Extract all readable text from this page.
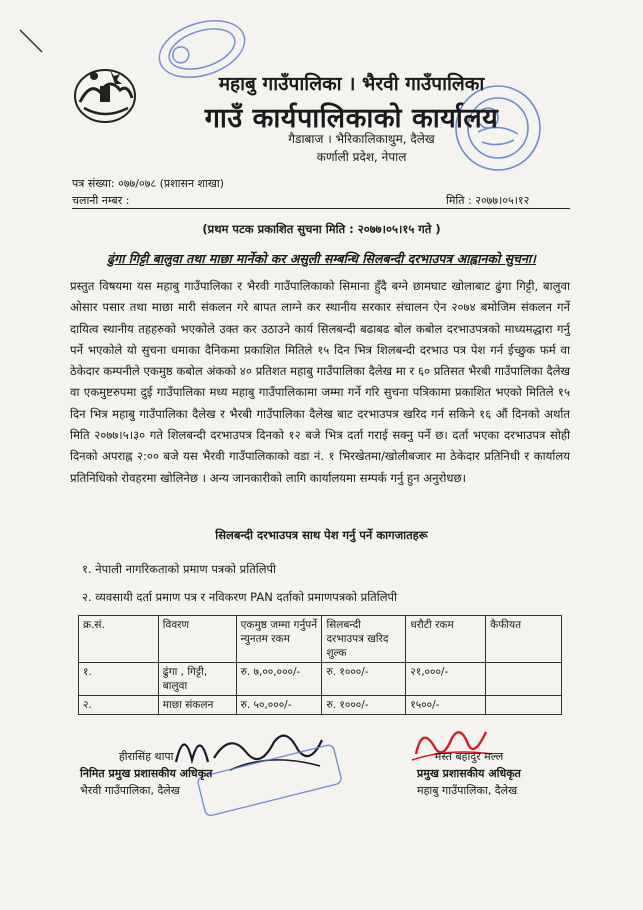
महाबु गाउँपालिका । भैरवी गाउँपालिका
गाउँ कार्यपालिकाको कार्यालय
गैडाबाज । भैरिकालिकाथुम, दैलेख
कर्णाली प्रदेश, नेपाल
पत्र संख्या: ०७७/०७८ (प्रशासन शाखा)
चलानी नम्बर :	मिति : २०७७।०५।१२
(प्रथम पटक प्रकाशित सुचना मिति : २०७७।०५।१५ गते )
ढुंगा गिट्टी बालुवा तथा माछा मार्नेको कर असुली सम्बन्धि सिलबन्दी दरभाउपत्र आह्वानको सुचना।
प्रस्तुत विषयमा यस महाबु गाउँपालिका र भैरवी गाउँपालिकाको सिमाना हुँदै बग्ने छामघाट खोलाबाट ढुंगा गिट्टी, बालुवा ओसार पसार तथा माछा मारी संकलन गरे बापत लाग्ने कर स्थानीय सरकार संचालन ऐन २०७४ बमोजिम संकलन गर्ने दायित्व स्थानीय तहहरुको भएकोले उक्त कर उठाउने कार्य सिलबन्दी बढाबढ बोल कबोल दरभाउपत्रको माध्यमद्धारा गर्नु पर्ने भएकोले यो सुचना धमाका दैनिकमा प्रकाशित मितिले १५ दिन भित्र शिलबन्दी दरभाउ पत्र पेश गर्न ईच्छुक फर्म वा ठेकेदार कम्पनीले एकमुष्ठ कबोल अंकको ४० प्रतिशत महाबु गाउँपालिका दैलेख मा र ६० प्रतिसत भैरबी गाउँपालिका दैलेख वा एकमुष्टरुपमा दुई गाउँपालिका मध्य महाबु गाउँपालिकामा जम्मा गर्ने गरि सुचना पत्रिकामा प्रकाशित भएको मितिले १५ दिन भित्र महाबु गाउँपालिका दैलेख र भैरबी गाउँपालिका दैलेख बाट दरभाउपत्र खरिद गर्न सकिने १६ औं दिनको अर्थात मिति २०७७।५।३० गते शिलबन्दी दरभाउपत्र दिनको १२ बजे भित्र दर्ता गराई सक्नु पर्ने छ। दर्ता भएका दरभाउपत्र सोही दिनको अपराह्न २:०० बजे यस भैरवी गाउँपालिकाको वडा नं. १ भिरखेतमा/खोलीबजार मा ठेकेदार प्रतिनिधी र कार्यालय प्रतिनिधिको रोवहरमा खोलिनेछ । अन्य जानकारीको लागि कार्यालयमा सम्पर्क गर्नु हुन अनुरोधछ।
सिलबन्दी दरभाउपत्र साथ पेश गर्नु पर्ने कागजातहरू
१. नेपाली नागरिकताको प्रमाण पत्रको प्रतिलिपी
२. व्यवसायी दर्ता प्रमाण पत्र र नविकरण PAN दर्ताको प्रमाणपत्रको प्रतिलिपी
क्र.सं.	विवरण	एकमुष्ठ जम्मा गर्नुपर्ने न्युनतम रकम	सिलबन्दी दरभाउपत्र खरिद शुल्क	धरौटी रकम	कैफीयत
१.	ढुंगा , गिट्टी, बालुवा	रु. ७,००,०००/-	रु. १०००/-	२१,०००/-	
२.	माछा संकलन	रु. ५०,०००/-	रु. १०००/-	१५००/-	
हीरासिंह थापा
निमित प्रमुख प्रशासकीय अधिकृत
भैरवी गाउँपालिका, दैलेख
मस्त बहादुर मल्ल
प्रमुख प्रशासकीय अधिकृत
महाबु गाउँपालिका, दैलेख
